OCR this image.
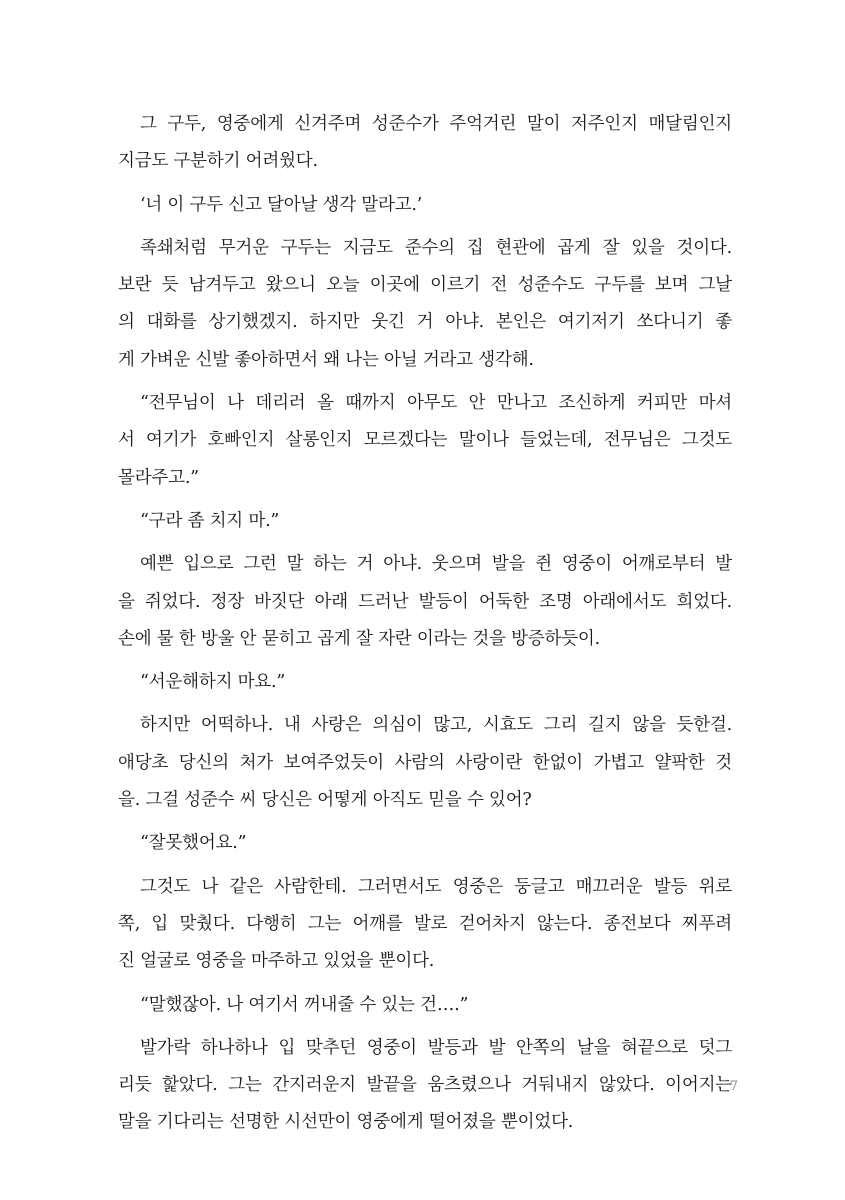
그 구두, 영중에게 신겨주며 성준수가 주억거린 말이 저주인지 매달림인지
지금도 구분하기 어려웠다.

‘너 이 구두 신고 달아날 생각 말라고.’

족쇄처럼 무거운 구두는 지금도 준수의 집 현관에 곱게 잘 있을 것이다.
보란 듯 남겨두고 왔으니 오늘 이곳에 이르기 전 성준수도 구두를 보며 그날
의 대화를 상기했겠지. 하지만 웃긴 거 아냐. 본인은 여기저기 쏘다니기 좋
게 가벼운 신발 좋아하면서 왜 나는 아닐 거라고 생각해.

“전무님이 나 데리러 올 때까지 아무도 안 만나고 조신하게 커피만 마셔
서 여기가 호빠인지 살롱인지 모르겠다는 말이나 들었는데, 전무님은 그것도
몰라주고.”

“구라 좀 치지 마.”

예쁜 입으로 그런 말 하는 거 아냐. 웃으며 발을 쥔 영중이 어깨로부터 발
을 쥐었다. 정장 바짓단 아래 드러난 발등이 어둑한 조명 아래에서도 희었다.
손에 물 한 방울 안 묻히고 곱게 잘 자란 이라는 것을 방증하듯이.

“서운해하지 마요.”

하지만 어떡하나. 내 사랑은 의심이 많고, 시효도 그리 길지 않을 듯한걸.
애당초 당신의 처가 보여주었듯이 사람의 사랑이란 한없이 가볍고 얄팍한 것
을. 그걸 성준수 씨 당신은 어떻게 아직도 믿을 수 있어?

“잘못했어요.”

그것도 나 같은 사람한테. 그러면서도 영중은 둥글고 매끄러운 발등 위로
쪽, 입 맞췄다. 다행히 그는 어깨를 발로 걷어차지 않는다. 종전보다 찌푸려
진 얼굴로 영중을 마주하고 있었을 뿐이다.

“말했잖아. 나 여기서 꺼내줄 수 있는 건….”

발가락 하나하나 입 맞추던 영중이 발등과 발 안쪽의 날을 혀끝으로 덧그
리듯 핥았다. 그는 간지러운지 발끝을 움츠렸으나 거둬내지 않았다. 이어지는
말을 기다리는 선명한 시선만이 영중에게 떨어졌을 뿐이었다.

7
